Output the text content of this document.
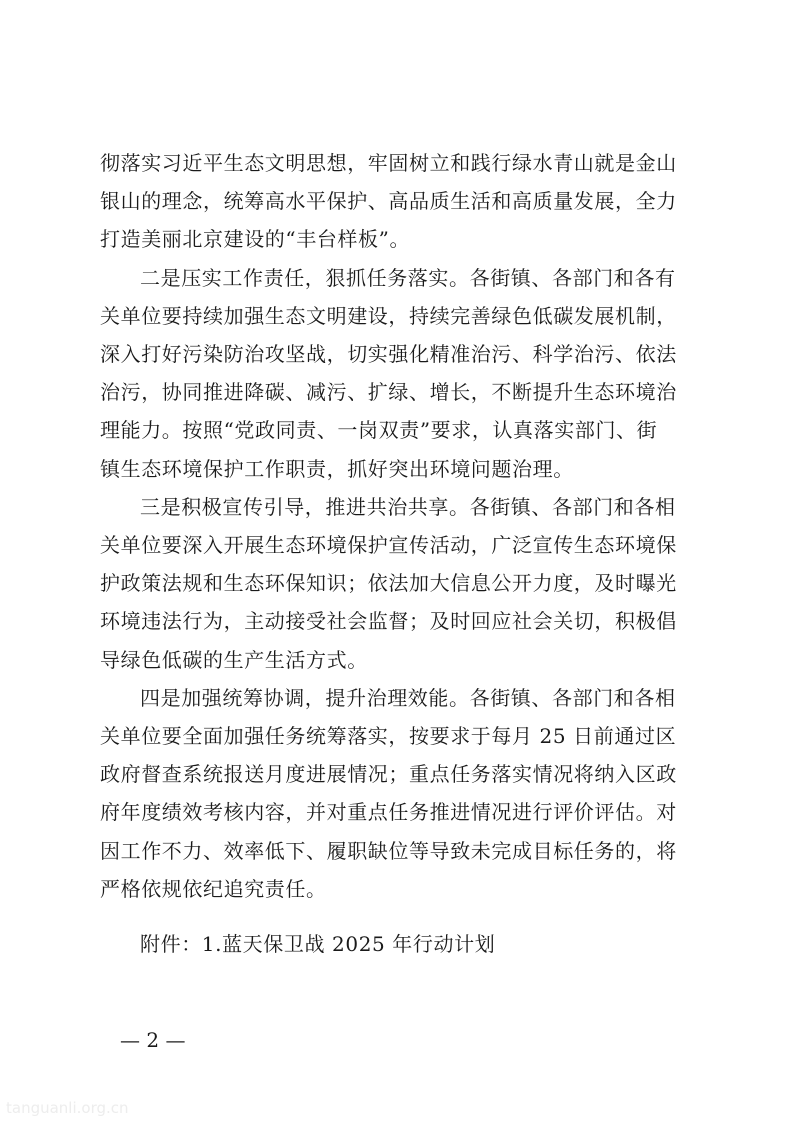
彻落实习近平生态文明思想，牢固树立和践行绿水青山就是金山
银山的理念，统筹高水平保护、高品质生活和高质量发展，全力
打造美丽北京建设的“丰台样板”。
二是压实工作责任，狠抓任务落实。各街镇、各部门和各有
关单位要持续加强生态文明建设，持续完善绿色低碳发展机制，
深入打好污染防治攻坚战，切实强化精准治污、科学治污、依法
治污，协同推进降碳、减污、扩绿、增长，不断提升生态环境治
理能力。按照“党政同责、一岗双责”要求，认真落实部门、街
镇生态环境保护工作职责，抓好突出环境问题治理。
三是积极宣传引导，推进共治共享。各街镇、各部门和各相
关单位要深入开展生态环境保护宣传活动，广泛宣传生态环境保
护政策法规和生态环保知识；依法加大信息公开力度，及时曝光
环境违法行为，主动接受社会监督；及时回应社会关切，积极倡
导绿色低碳的生产生活方式。
四是加强统筹协调，提升治理效能。各街镇、各部门和各相
关单位要全面加强任务统筹落实，按要求于每月 25 日前通过区
政府督查系统报送月度进展情况；重点任务落实情况将纳入区政
府年度绩效考核内容，并对重点任务推进情况进行评价评估。对
因工作不力、效率低下、履职缺位等导致未完成目标任务的，将
严格依规依纪追究责任。
附件：1.蓝天保卫战 2025 年行动计划
— 2 —
tanguanli.org.cn
